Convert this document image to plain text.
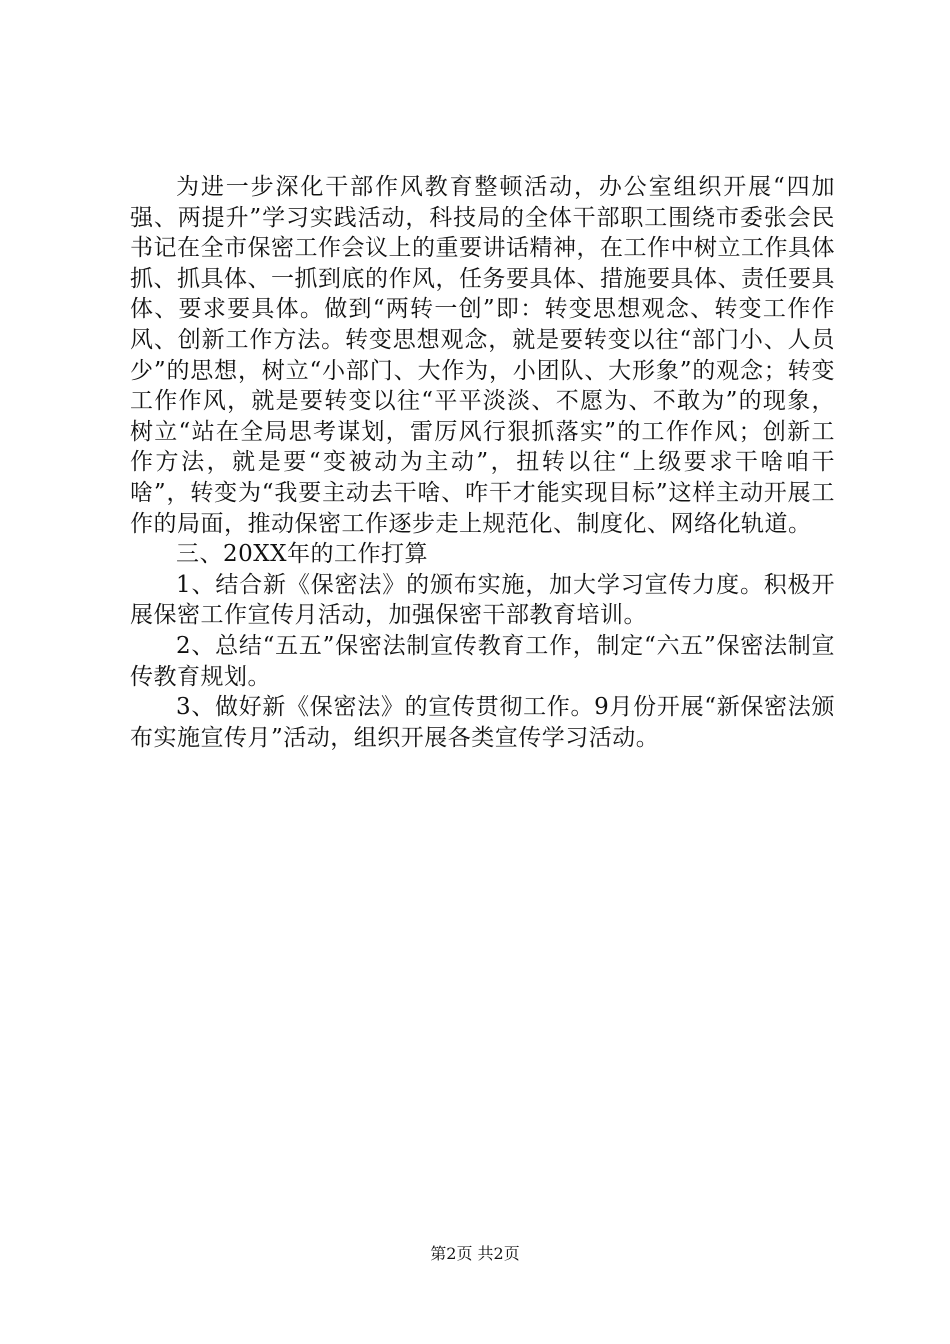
为进一步深化干部作风教育整顿活动，办公室组织开展“四加强、两提升”学习实践活动，科技局的全体干部职工围绕市委张会民书记在全市保密工作会议上的重要讲话精神，在工作中树立工作具体抓、抓具体、一抓到底的作风，任务要具体、措施要具体、责任要具体、要求要具体。做到“两转一创”即：转变思想观念、转变工作作风、创新工作方法。转变思想观念，就是要转变以往“部门小、人员少”的思想，树立“小部门、大作为，小团队、大形象”的观念；转变工作作风，就是要转变以往“平平淡淡、不愿为、不敢为”的现象，树立“站在全局思考谋划，雷厉风行狠抓落实”的工作作风；创新工作方法，就是要“变被动为主动”，扭转以往“上级要求干啥咱干啥”，转变为“我要主动去干啥、咋干才能实现目标”这样主动开展工作的局面，推动保密工作逐步走上规范化、制度化、网络化轨道。

三、20XX年的工作打算

1、结合新《保密法》的颁布实施，加大学习宣传力度。积极开展保密工作宣传月活动，加强保密干部教育培训。

2、总结“五五”保密法制宣传教育工作，制定“六五”保密法制宣传教育规划。

3、做好新《保密法》的宣传贯彻工作。9月份开展“新保密法颁布实施宣传月”活动，组织开展各类宣传学习活动。

第2页 共2页
